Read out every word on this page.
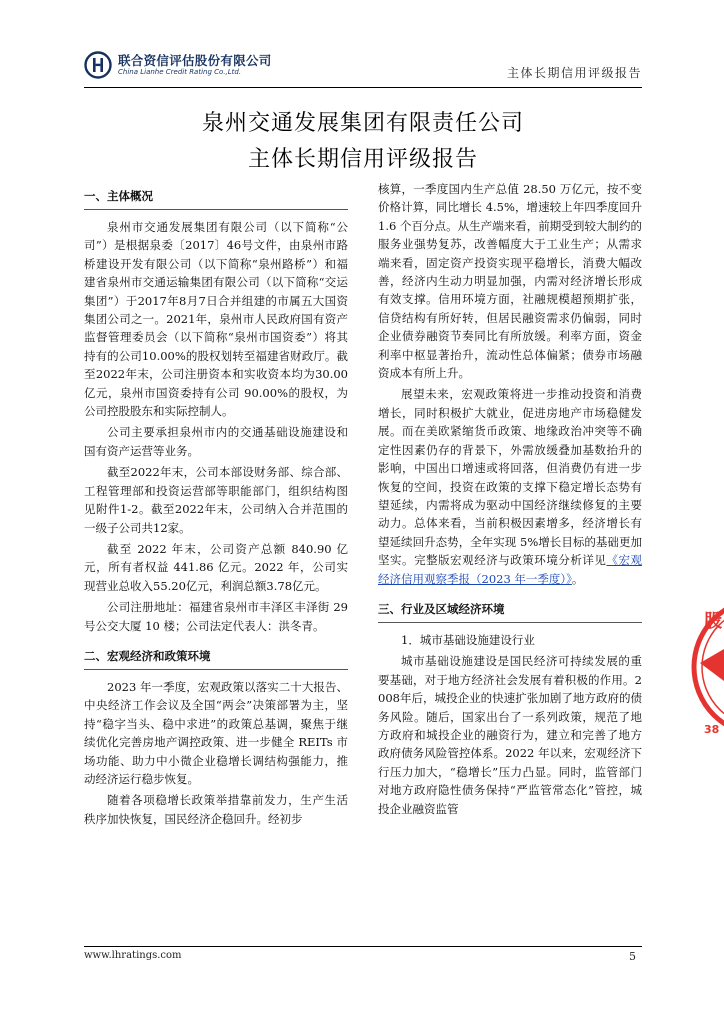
联合资信评估股份有限公司
China Lianhe Credit Rating Co.,Ltd.	主体长期信用评级报告
泉州交通发展集团有限责任公司
主体长期信用评级报告
一、主体概况

泉州市交通发展集团有限公司（以下简称“公司”）是根据泉委〔2017〕46号文件，由泉州市路桥建设开发有限公司（以下简称“泉州路桥”）和福建省泉州市交通运输集团有限公司（以下简称“交运集团”）于2017年8月7日合并组建的市属五大国资集团公司之一。2021年，泉州市人民政府国有资产监督管理委员会（以下简称“泉州市国资委”）将其持有的公司10.00%的股权划转至福建省财政厅。截至2022年末，公司注册资本和实收资本均为30.00亿元，泉州市国资委持有公司 90.00%的股权，为公司控股股东和实际控制人。

公司主要承担泉州市内的交通基础设施建设和国有资产运营等业务。

截至2022年末，公司本部设财务部、综合部、工程管理部和投资运营部等职能部门，组织结构图见附件1-2。截至2022年末，公司纳入合并范围的一级子公司共12家。

截至 2022 年末，公司资产总额 840.90 亿元，所有者权益 441.86 亿元。2022 年，公司实现营业总收入55.20亿元，利润总额3.78亿元。

公司注册地址：福建省泉州市丰泽区丰泽街 29 号公交大厦 10 楼；公司法定代表人：洪冬青。

二、宏观经济和政策环境

2023 年一季度，宏观政策以落实二十大报告、中央经济工作会议及全国“两会”决策部署为主，坚持“稳字当头、稳中求进”的政策总基调，聚焦于继续优化完善房地产调控政策、进一步健全 REITs 市场功能、助力中小微企业稳增长调结构强能力，推动经济运行稳步恢复。

随着各项稳增长政策举措靠前发力，生产生活秩序加快恢复，国民经济企稳回升。经初步

核算，一季度国内生产总值 28.50 万亿元，按不变价格计算，同比增长 4.5%，增速较上年四季度回升 1.6 个百分点。从生产端来看，前期受到较大制约的服务业强势复苏，改善幅度大于工业生产；从需求端来看，固定资产投资实现平稳增长，消费大幅改善，经济内生动力明显加强，内需对经济增长形成有效支撑。信用环境方面，社融规模超预期扩张，信贷结构有所好转，但居民融资需求仍偏弱，同时企业债券融资节奏同比有所放缓。利率方面，资金利率中枢显著抬升，流动性总体偏紧；债券市场融资成本有所上升。

展望未来，宏观政策将进一步推动投资和消费增长，同时积极扩大就业，促进房地产市场稳健发展。而在美欧紧缩货币政策、地缘政治冲突等不确定性因素仍存的背景下，外需放缓叠加基数抬升的影响，中国出口增速或将回落，但消费仍有进一步恢复的空间，投资在政策的支撑下稳定增长态势有望延续，内需将成为驱动中国经济继续修复的主要动力。总体来看，当前积极因素增多，经济增长有望延续回升态势，全年实现 5%增长目标的基础更加坚实。完整版宏观经济与政策环境分析详见《宏观经济信用观察季报（2023 年一季度）》。

三、行业及区域经济环境

1．城市基础设施建设行业

城市基础设施建设是国民经济可持续发展的重要基础，对于地方经济社会发展有着积极的作用。2008年后，城投企业的快速扩张加剧了地方政府的债务风险。随后，国家出台了一系列政策，规范了地方政府和城投企业的融资行为，建立和完善了地方政府债务风险管控体系。2022 年以来，宏观经济下行压力加大，“稳增长”压力凸显。同时，监管部门对地方政府隐性债务保持“严监管常态化”管控，城投企业融资监管

股
38
www.lhratings.com	5
